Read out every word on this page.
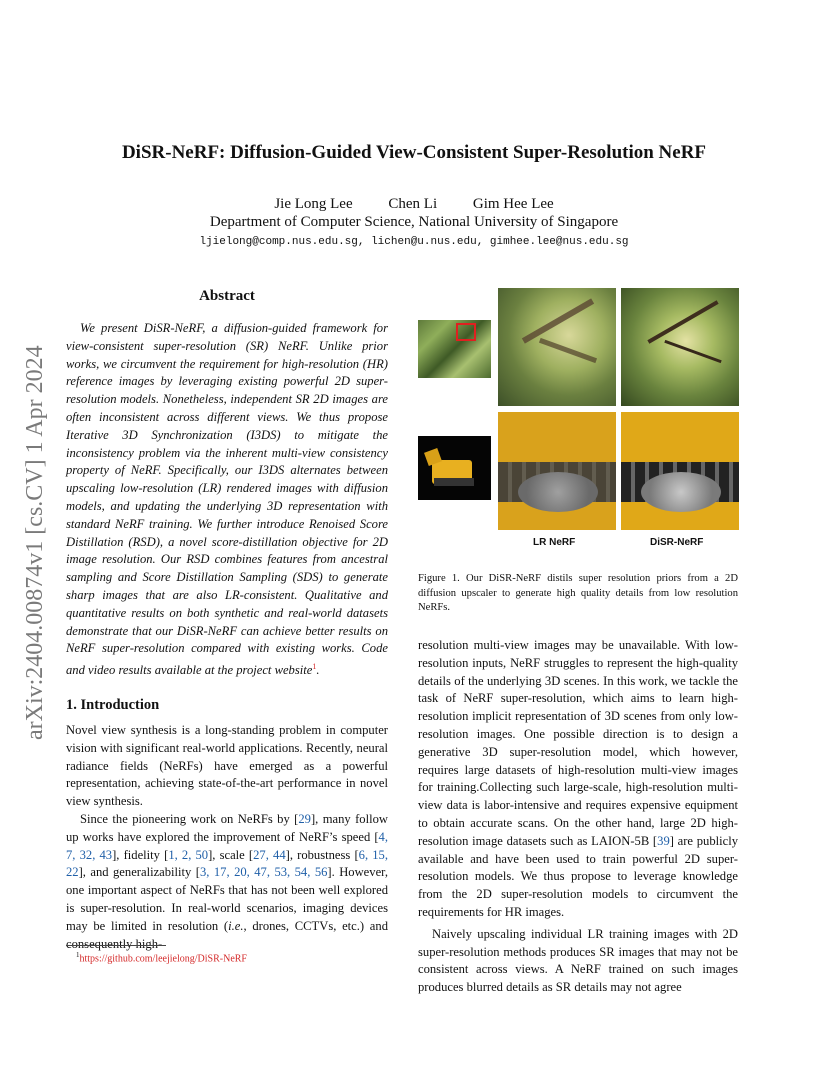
DiSR-NeRF: Diffusion-Guided View-Consistent Super-Resolution NeRF
Jie Long Lee Chen Li Gim Hee Lee
Department of Computer Science, National University of Singapore
ljielong@comp.nus.edu.sg, lichen@u.nus.edu, gimhee.lee@nus.edu.sg
arXiv:2404.00874v1 [cs.CV] 1 Apr 2024
Abstract
We present DiSR-NeRF, a diffusion-guided framework for view-consistent super-resolution (SR) NeRF. Unlike prior works, we circumvent the requirement for high-resolution (HR) reference images by leveraging existing powerful 2D super-resolution models. Nonetheless, independent SR 2D images are often inconsistent across different views. We thus propose Iterative 3D Synchronization (I3DS) to mitigate the inconsistency problem via the inherent multi-view consistency property of NeRF. Specifically, our I3DS alternates between upscaling low-resolution (LR) rendered images with diffusion models, and updating the underlying 3D representation with standard NeRF training. We further introduce Renoised Score Distillation (RSD), a novel score-distillation objective for 2D image resolution. Our RSD combines features from ancestral sampling and Score Distillation Sampling (SDS) to generate sharp images that are also LR-consistent. Qualitative and quantitative results on both synthetic and real-world datasets demonstrate that our DiSR-NeRF can achieve better results on NeRF super-resolution compared with existing works. Code and video results available at the project website$^1$.
1. Introduction

Novel view synthesis is a long-standing problem in computer vision with significant real-world applications. Recently, neural radiance fields (NeRFs) have emerged as a powerful representation, achieving state-of-the-art performance in novel view synthesis.

Since the pioneering work on NeRFs by [29], many follow up works have explored the improvement of NeRF’s speed [4, 7, 32, 43], fidelity [1, 2, 50], scale [27, 44], robustness [6, 15, 22], and generalizability [3, 17, 20, 47, 53, 54, 56]. However, one important aspect of NeRFs that has not been well explored is super-resolution. In real-world scenarios, imaging devices may be limited in resolution (i.e., drones, CCTVs, etc.) and consequently high-

$^1$https://github.com/leejielong/DiSR-NeRF
LR NeRF	DiSR-NeRF
Figure 1. Our DiSR-NeRF distils super resolution priors from a 2D diffusion upscaler to generate high quality details from low resolution NeRFs.

resolution multi-view images may be unavailable. With low-resolution inputs, NeRF struggles to represent the high-quality details of the underlying 3D scenes. In this work, we tackle the task of NeRF super-resolution, which aims to learn high-resolution implicit representation of 3D scenes from only low-resolution images. One possible direction is to design a generative 3D super-resolution model, which however, requires large datasets of high-resolution multi-view images for training.Collecting such large-scale, high-resolution multi-view data is labor-intensive and requires expensive equipment to obtain accurate scans. On the other hand, large 2D high-resolution image datasets such as LAION-5B [39] are publicly available and have been used to train powerful 2D super-resolution models. We thus propose to leverage knowledge from the 2D super-resolution models to circumvent the requirements for HR images.

Naively upscaling individual LR training images with 2D super-resolution methods produces SR images that may not be consistent across views. A NeRF trained on such images produces blurred details as SR details may not agree
